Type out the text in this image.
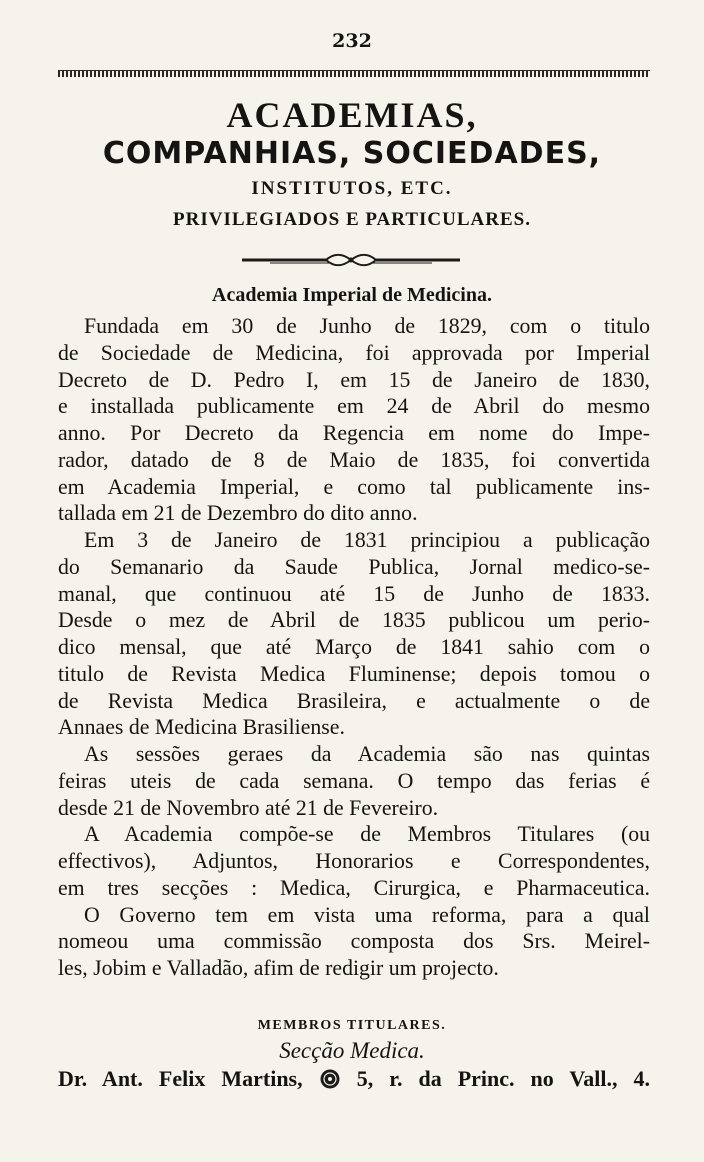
232
ACADEMIAS,
COMPANHIAS, SOCIEDADES,
INSTITUTOS, ETC.
PRIVILEGIADOS E PARTICULARES.
Academia Imperial de Medicina.
Fundada em 30 de Junho de 1829, com o titulo
de Sociedade de Medicina, foi approvada por Imperial
Decreto de D. Pedro I, em 15 de Janeiro de 1830,
e installada publicamente em 24 de Abril do mesmo
anno. Por Decreto da Regencia em nome do Impe-
rador, datado de 8 de Maio de 1835, foi convertida
em Academia Imperial, e como tal publicamente ins-
tallada em 21 de Dezembro do dito anno.
Em 3 de Janeiro de 1831 principiou a publicação
do Semanario da Saude Publica, Jornal medico-se-
manal, que continuou até 15 de Junho de 1833.
Desde o mez de Abril de 1835 publicou um perio-
dico mensal, que até Março de 1841 sahio com o
titulo de Revista Medica Fluminense; depois tomou o
de Revista Medica Brasileira, e actualmente o de
Annaes de Medicina Brasiliense.
As sessões geraes da Academia são nas quintas
feiras uteis de cada semana. O tempo das ferias é
desde 21 de Novembro até 21 de Fevereiro.
A Academia compõe-se de Membros Titulares (ou
effectivos), Adjuntos, Honorarios e Correspondentes,
em tres secções : Medica, Cirurgica, e Pharmaceutica.
O Governo tem em vista uma reforma, para a qual
nomeou uma commissão composta dos Srs. Meirel-
les, Jobim e Valladão, afim de redigir um projecto.
MEMBROS TITULARES.
Secção Medica.
Dr. Ant. Felix Martins, 5, r. da Princ. no Vall., 4.
